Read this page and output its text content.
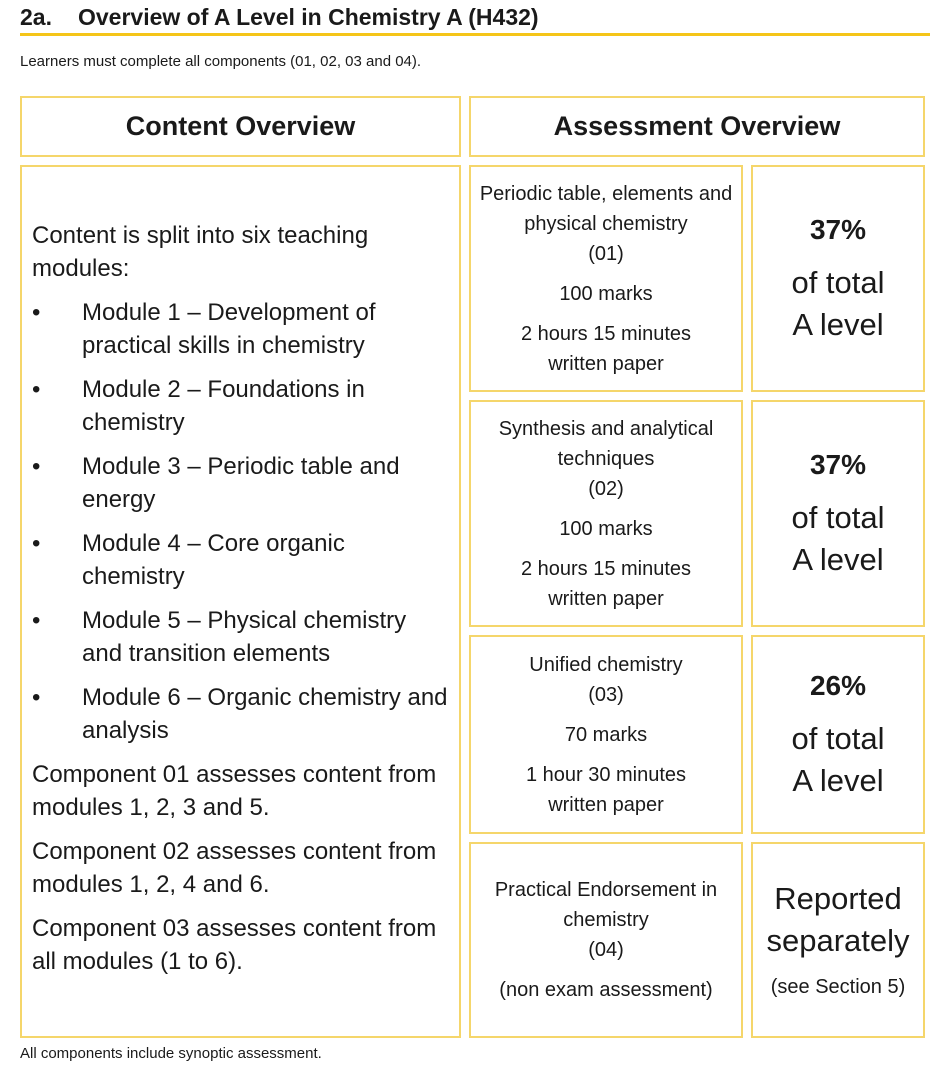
2a. Overview of A Level in Chemistry A (H432)
Learners must complete all components (01, 02, 03 and 04).
Content Overview	Assessment Overview

Content is split into six teaching modules:

• Module 1 – Development of practical skills in chemistry
• Module 2 – Foundations in chemistry
• Module 3 – Periodic table and energy
• Module 4 – Core organic chemistry
• Module 5 – Physical chemistry and transition elements
• Module 6 – Organic chemistry and analysis

Component 01 assesses content from modules 1, 2, 3 and 5.

Component 02 assesses content from modules 1, 2, 4 and 6.

Component 03 assesses content from all modules (1 to 6).

Periodic table, elements and physical chemistry
(01)
100 marks
2 hours 15 minutes
written paper
37%
of total
A level
Synthesis and analytical techniques
(02)
100 marks
2 hours 15 minutes
written paper
37%
of total
A level
Unified chemistry
(03)
70 marks
1 hour 30 minutes
written paper
26%
of total
A level
Practical Endorsement in chemistry
(04)
(non exam assessment)
Reported
separately
(see Section 5)
All components include synoptic assessment.
